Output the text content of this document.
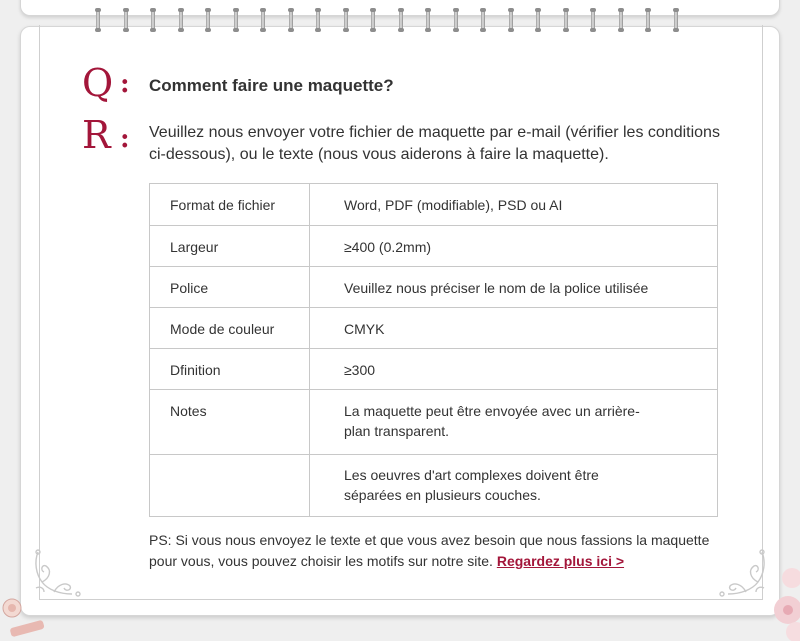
Q : Comment faire une maquette?
R : Veuillez nous envoyer votre fichier de maquette par e-mail (vérifier les conditions ci-dessous), ou le texte (nous vous aiderons à faire la maquette).
Format de fichier	Word, PDF (modifiable), PSD ou AI

Largeur	≥400 (0.2mm)

Police	Veuillez nous préciser le nom de la police utilisée

Mode de couleur	CMYK

Dfinition	≥300

Notes	La maquette peut être envoyée avec un arrière-plan transparent.

	Les oeuvres d'art complexes doivent être séparées en plusieurs couches.
PS: Si vous nous envoyez le texte et que vous avez besoin que nous fassions la maquette pour vous, vous pouvez choisir les motifs sur notre site. Regardez plus ici >
